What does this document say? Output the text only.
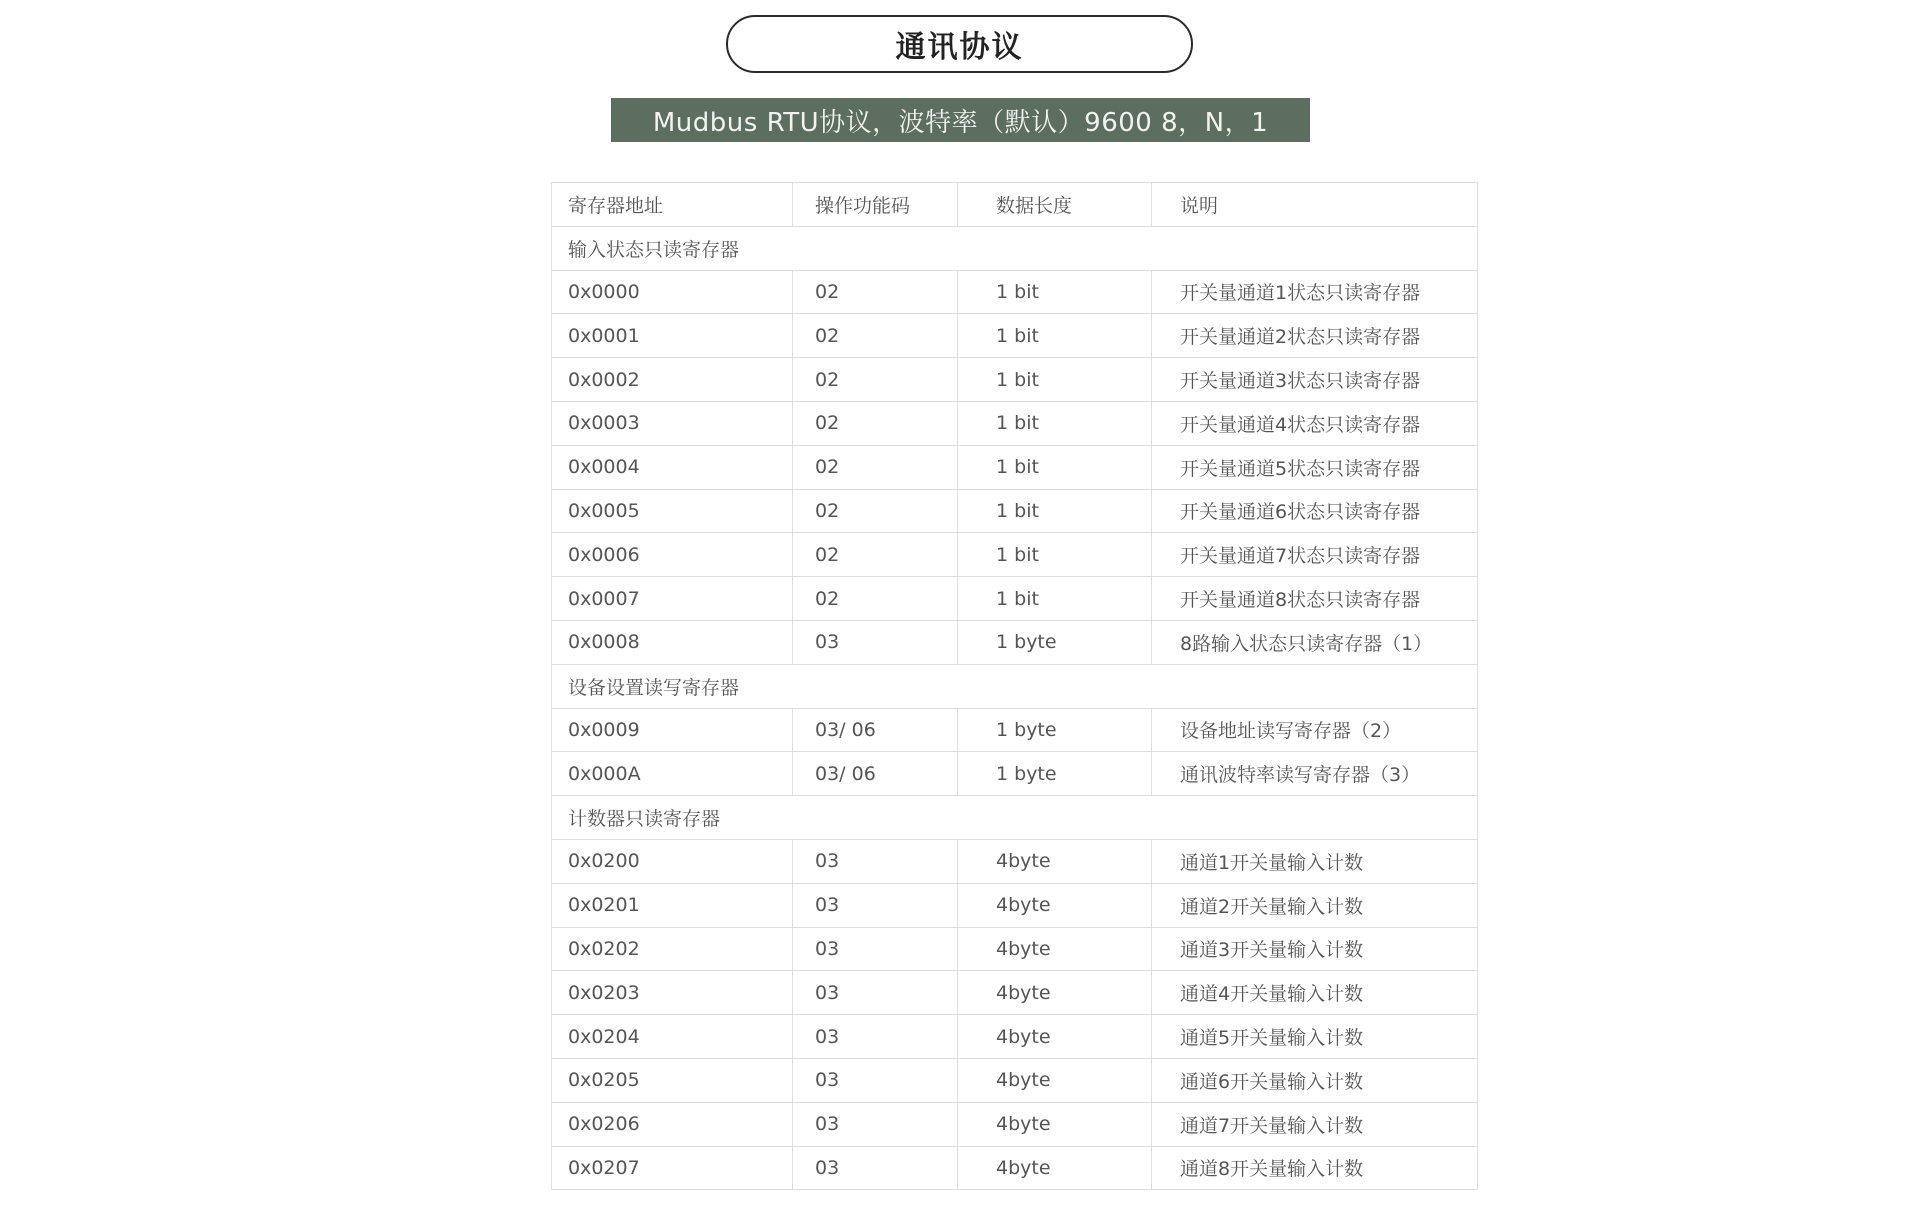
通讯协议
Mudbus RTU协议，波特率（默认）9600 8，N，1
寄存器地址	操作功能码	数据长度	说明
输入状态只读寄存器			
0x0000	02	1 bit	开关量通道1状态只读寄存器
0x0001	02	1 bit	开关量通道2状态只读寄存器
0x0002	02	1 bit	开关量通道3状态只读寄存器
0x0003	02	1 bit	开关量通道4状态只读寄存器
0x0004	02	1 bit	开关量通道5状态只读寄存器
0x0005	02	1 bit	开关量通道6状态只读寄存器
0x0006	02	1 bit	开关量通道7状态只读寄存器
0x0007	02	1 bit	开关量通道8状态只读寄存器
0x0008	03	1 byte	8路输入状态只读寄存器（1）
设备设置读写寄存器			
0x0009	03/ 06	1 byte	设备地址读写寄存器（2）
0x000A	03/ 06	1 byte	通讯波特率读写寄存器（3）
计数器只读寄存器			
0x0200	03	4byte	通道1开关量输入计数
0x0201	03	4byte	通道2开关量输入计数
0x0202	03	4byte	通道3开关量输入计数
0x0203	03	4byte	通道4开关量输入计数
0x0204	03	4byte	通道5开关量输入计数
0x0205	03	4byte	通道6开关量输入计数
0x0206	03	4byte	通道7开关量输入计数
0x0207	03	4byte	通道8开关量输入计数
